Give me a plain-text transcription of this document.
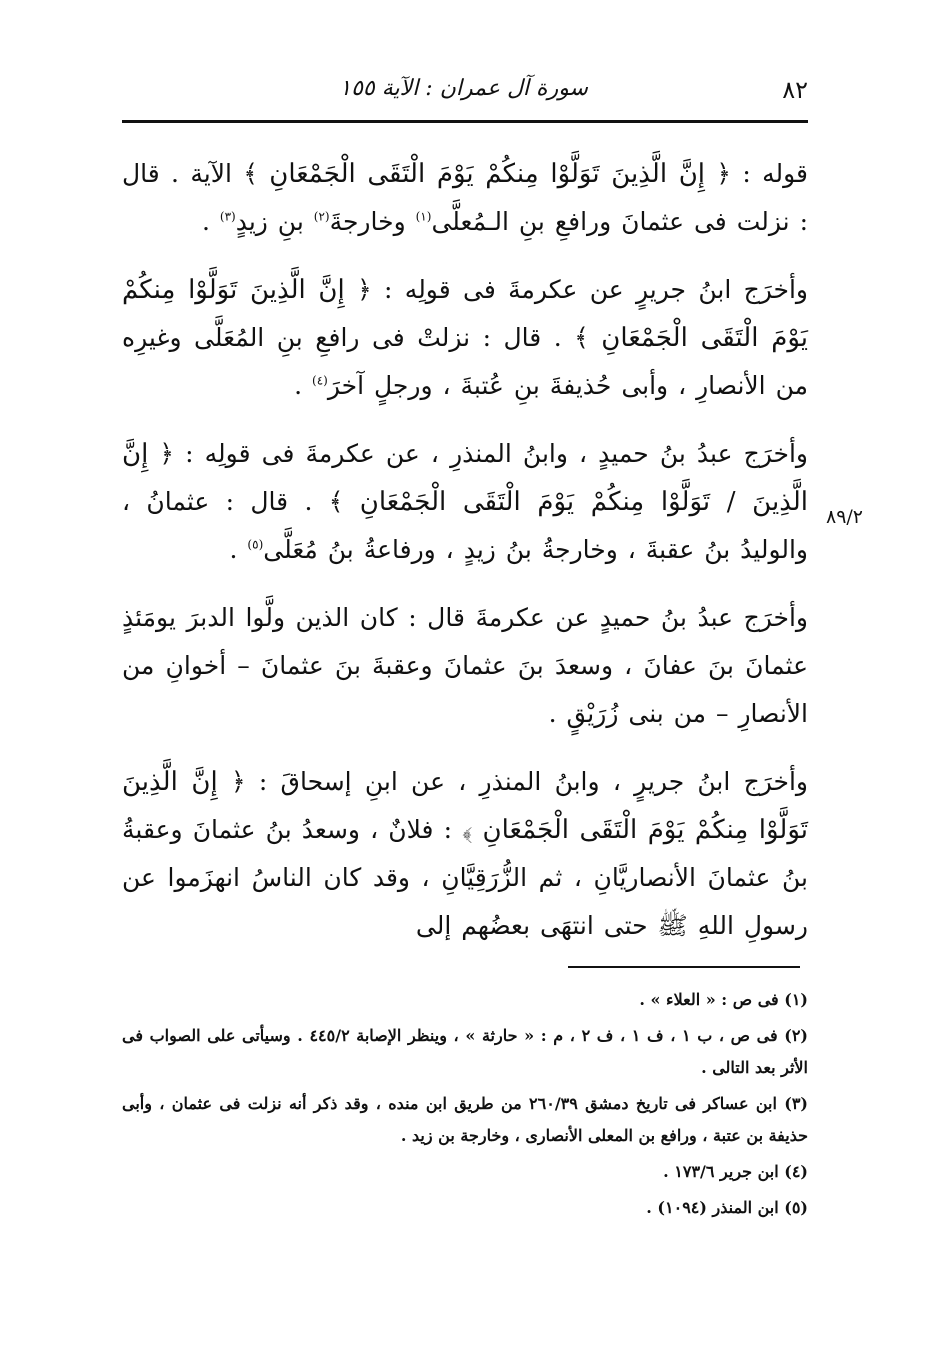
٨٢
سورة آل عمران : الآية ١٥٥
٨٩/٢

قوله : ﴿ إِنَّ الَّذِينَ تَوَلَّوْا مِنكُمْ يَوْمَ الْتَقَى الْجَمْعَانِ ﴾ الآية . قال : نزلت فى عثمانَ ورافعِ بنِ الـمُعلَّى$^{(١)}$ وخارجةَ$^{(٢)}$ بنِ زيدٍ$^{(٣)}$ .

وأخرَج ابنُ جريرٍ عن عكرمةَ فى قولِه : ﴿ إِنَّ الَّذِينَ تَوَلَّوْا مِنكُمْ يَوْمَ الْتَقَى الْجَمْعَانِ ﴾ . قال : نزلتْ فى رافعِ بنِ المُعَلَّى وغيرِه من الأنصارِ ، وأبى حُذيفةَ بنِ عُتبةَ ، ورجلٍ آخرَ$^{(٤)}$ .

وأخرَج عبدُ بنُ حميدٍ ، وابنُ المنذرِ ، عن عكرمةَ فى قولِه : ﴿ إِنَّ الَّذِينَ / تَوَلَّوْا مِنكُمْ يَوْمَ الْتَقَى الْجَمْعَانِ ﴾ . قال : عثمانُ ، والوليدُ بنُ عقبةَ ، وخارجةُ بنُ زيدٍ ، ورفاعةُ بنُ مُعَلَّى$^{(٥)}$ .

وأخرَج عبدُ بنُ حميدٍ عن عكرمةَ قال : كان الذين ولَّوا الدبرَ يومَئذٍ عثمانَ بنَ عفانَ ، وسعدَ بنَ عثمانَ وعقبةَ بنَ عثمانَ – أخوانِ من الأنصارِ – من بنى زُرَيْقٍ .

وأخرَج ابنُ جريرٍ ، وابنُ المنذرِ ، عن ابنِ إسحاقَ : ﴿ إِنَّ الَّذِينَ تَوَلَّوْا مِنكُمْ يَوْمَ الْتَقَى الْجَمْعَانِ ﴾ : فلانٌ ، وسعدُ بنُ عثمانَ وعقبةُ بنُ عثمانَ الأنصاريَّانِ ، ثم الزُّرَقِيَّانِ ، وقد كان الناسُ انهزَموا عن رسولِ اللهِ ﷺ حتى انتهَى بعضُهم إلى

(١) فى ص : « العلاء » .

(٢) فى ص ، ب ١ ، ف ١ ، ف ٢ ، م : « حارثة » ، وينظر الإصابة ٤٤٥/٢ . وسيأتى على الصواب فى الأثر بعد التالى .

(٣) ابن عساكر فى تاريخ دمشق ٢٦٠/٣٩ من طريق ابن منده ، وقد ذكر أنه نزلت فى عثمان ، وأبى حذيفة بن عتبة ، ورافع بن المعلى الأنصارى ، وخارجة بن زيد .

(٤) ابن جرير ١٧٣/٦ .

(٥) ابن المنذر (١٠٩٤) .
